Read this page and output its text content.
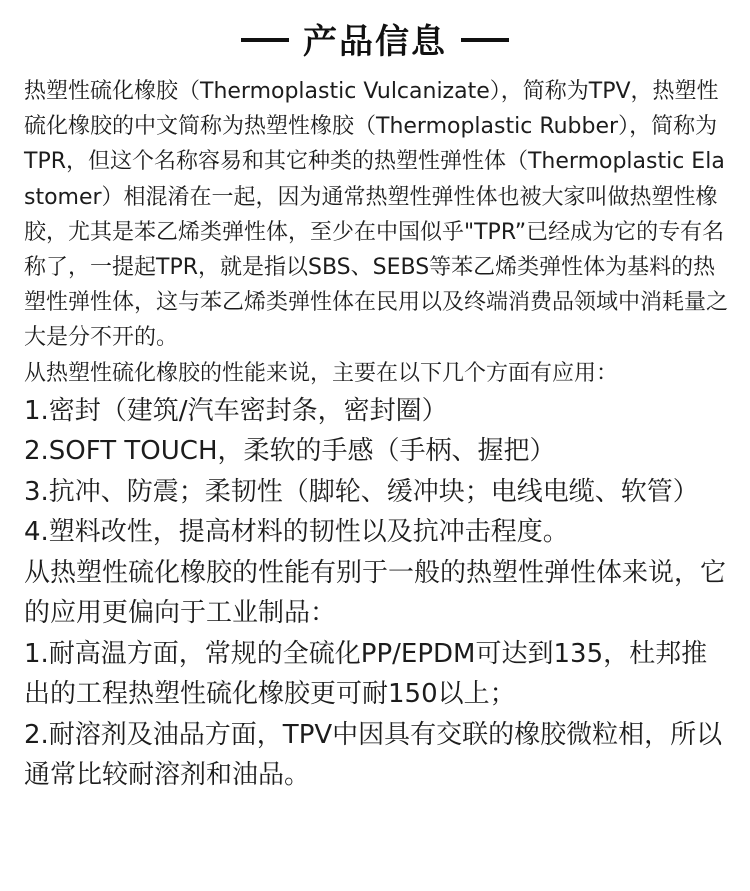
产品信息

热塑性硫化橡胶（Thermoplastic Vulcanizate），简称为TPV，热塑性硫化橡胶的中文简称为热塑性橡胶（Thermoplastic Rubber），简称为TPR，但这个名称容易和其它种类的热塑性弹性体（Thermoplastic Elastomer）相混淆在一起，因为通常热塑性弹性体也被大家叫做热塑性橡胶，尤其是苯乙烯类弹性体，至少在中国似乎"TPR”已经成为它的专有名称了，一提起TPR，就是指以SBS、SEBS等苯乙烯类弹性体为基料的热塑性弹性体，这与苯乙烯类弹性体在民用以及终端消费品领域中消耗量之大是分不开的。

从热塑性硫化橡胶的性能来说，主要在以下几个方面有应用：

1.密封（建筑/汽车密封条，密封圈）

2.SOFT TOUCH，柔软的手感（手柄、握把）

3.抗冲、防震；柔韧性（脚轮、缓冲块；电线电缆、软管）

4.塑料改性，提高材料的韧性以及抗冲击程度。

从热塑性硫化橡胶的性能有别于一般的热塑性弹性体来说，它的应用更偏向于工业制品：

1.耐高温方面，常规的全硫化PP/EPDM可达到135，杜邦推出的工程热塑性硫化橡胶更可耐150以上；

2.耐溶剂及油品方面，TPV中因具有交联的橡胶微粒相，所以通常比较耐溶剂和油品。
